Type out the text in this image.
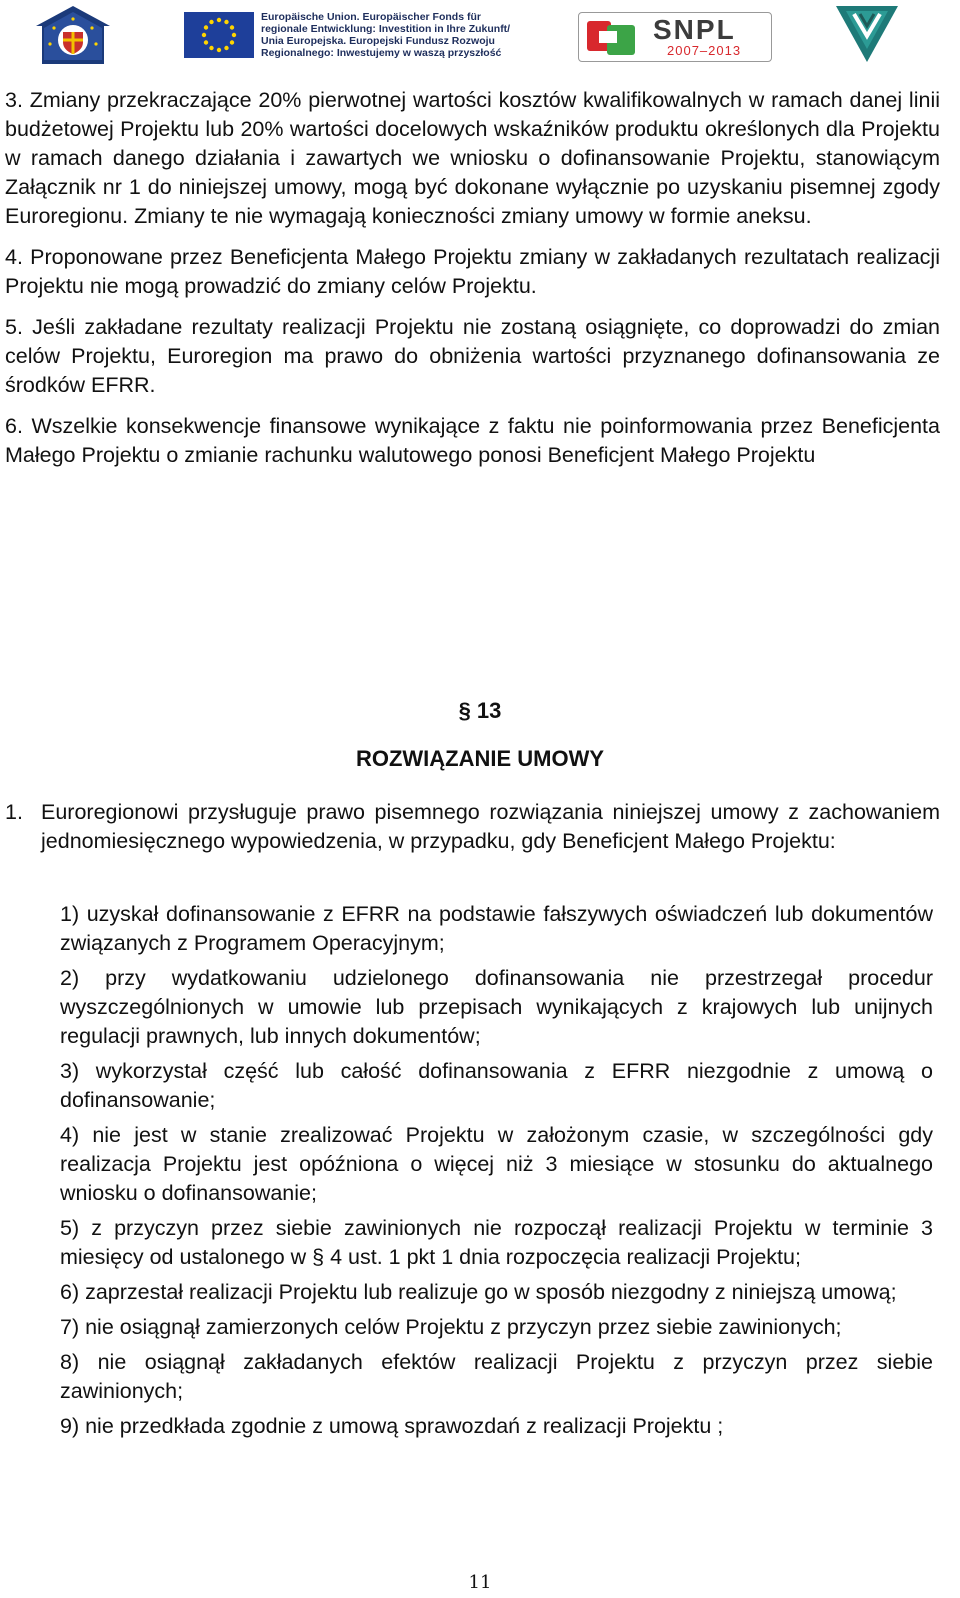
Europäische Union. Europäischer Fonds für
regionale Entwicklung: Investition in Ihre Zukunft/
Unia Europejska. Europejski Fundusz Rozwoju
Regionalnego: Inwestujemy w waszą przyszłość
SNPL
2007–2013

3. Zmiany przekraczające 20% pierwotnej wartości kosztów kwalifikowalnych w ramach danej linii budżetowej Projektu lub 20% wartości docelowych wskaźników produktu określonych dla Projektu w ramach danego działania i zawartych we wniosku o dofinansowanie Projektu, stanowiącym Załącznik nr 1 do niniejszej umowy, mogą być dokonane wyłącznie po uzyskaniu pisemnej zgody Euroregionu. Zmiany te nie wymagają konieczności zmiany umowy w formie aneksu.

4. Proponowane przez Beneficjenta Małego Projektu zmiany w zakładanych rezultatach realizacji Projektu nie mogą prowadzić do zmiany celów Projektu.

5. Jeśli zakładane rezultaty realizacji Projektu nie zostaną osiągnięte, co doprowadzi do zmian celów Projektu, Euroregion ma prawo do obniżenia wartości przyznanego dofinansowania ze środków EFRR.

6. Wszelkie konsekwencje finansowe wynikające z faktu nie poinformowania przez Beneficjenta Małego Projektu o zmianie rachunku walutowego ponosi Beneficjent Małego Projektu

§ 13
ROZWIĄZANIE UMOWY
1. Euroregionowi przysługuje prawo pisemnego rozwiązania niniejszej umowy z zachowaniem jednomiesięcznego wypowiedzenia, w przypadku, gdy Beneficjent Małego Projektu:

1) uzyskał dofinansowanie z EFRR na podstawie fałszywych oświadczeń lub dokumentów związanych z Programem Operacyjnym;

2) przy wydatkowaniu udzielonego dofinansowania nie przestrzegał procedur wyszczególnionych w umowie lub przepisach wynikających z krajowych lub unijnych regulacji prawnych, lub innych dokumentów;

3) wykorzystał część lub całość dofinansowania z EFRR niezgodnie z umową o dofinansowanie;

4) nie jest w stanie zrealizować Projektu w założonym czasie, w szczególności gdy realizacja Projektu jest opóźniona o więcej niż 3 miesiące w stosunku do aktualnego wniosku o dofinansowanie;

5) z przyczyn przez siebie zawinionych nie rozpoczął realizacji Projektu w terminie 3 miesięcy od ustalonego w § 4 ust. 1 pkt 1 dnia rozpoczęcia realizacji Projektu;

6) zaprzestał realizacji Projektu lub realizuje go w sposób niezgodny z niniejszą umową;

7) nie osiągnął zamierzonych celów Projektu z przyczyn przez siebie zawinionych;

8) nie osiągnął zakładanych efektów realizacji Projektu z przyczyn przez siebie zawinionych;

9) nie przedkłada zgodnie z umową sprawozdań z realizacji Projektu ;

11
